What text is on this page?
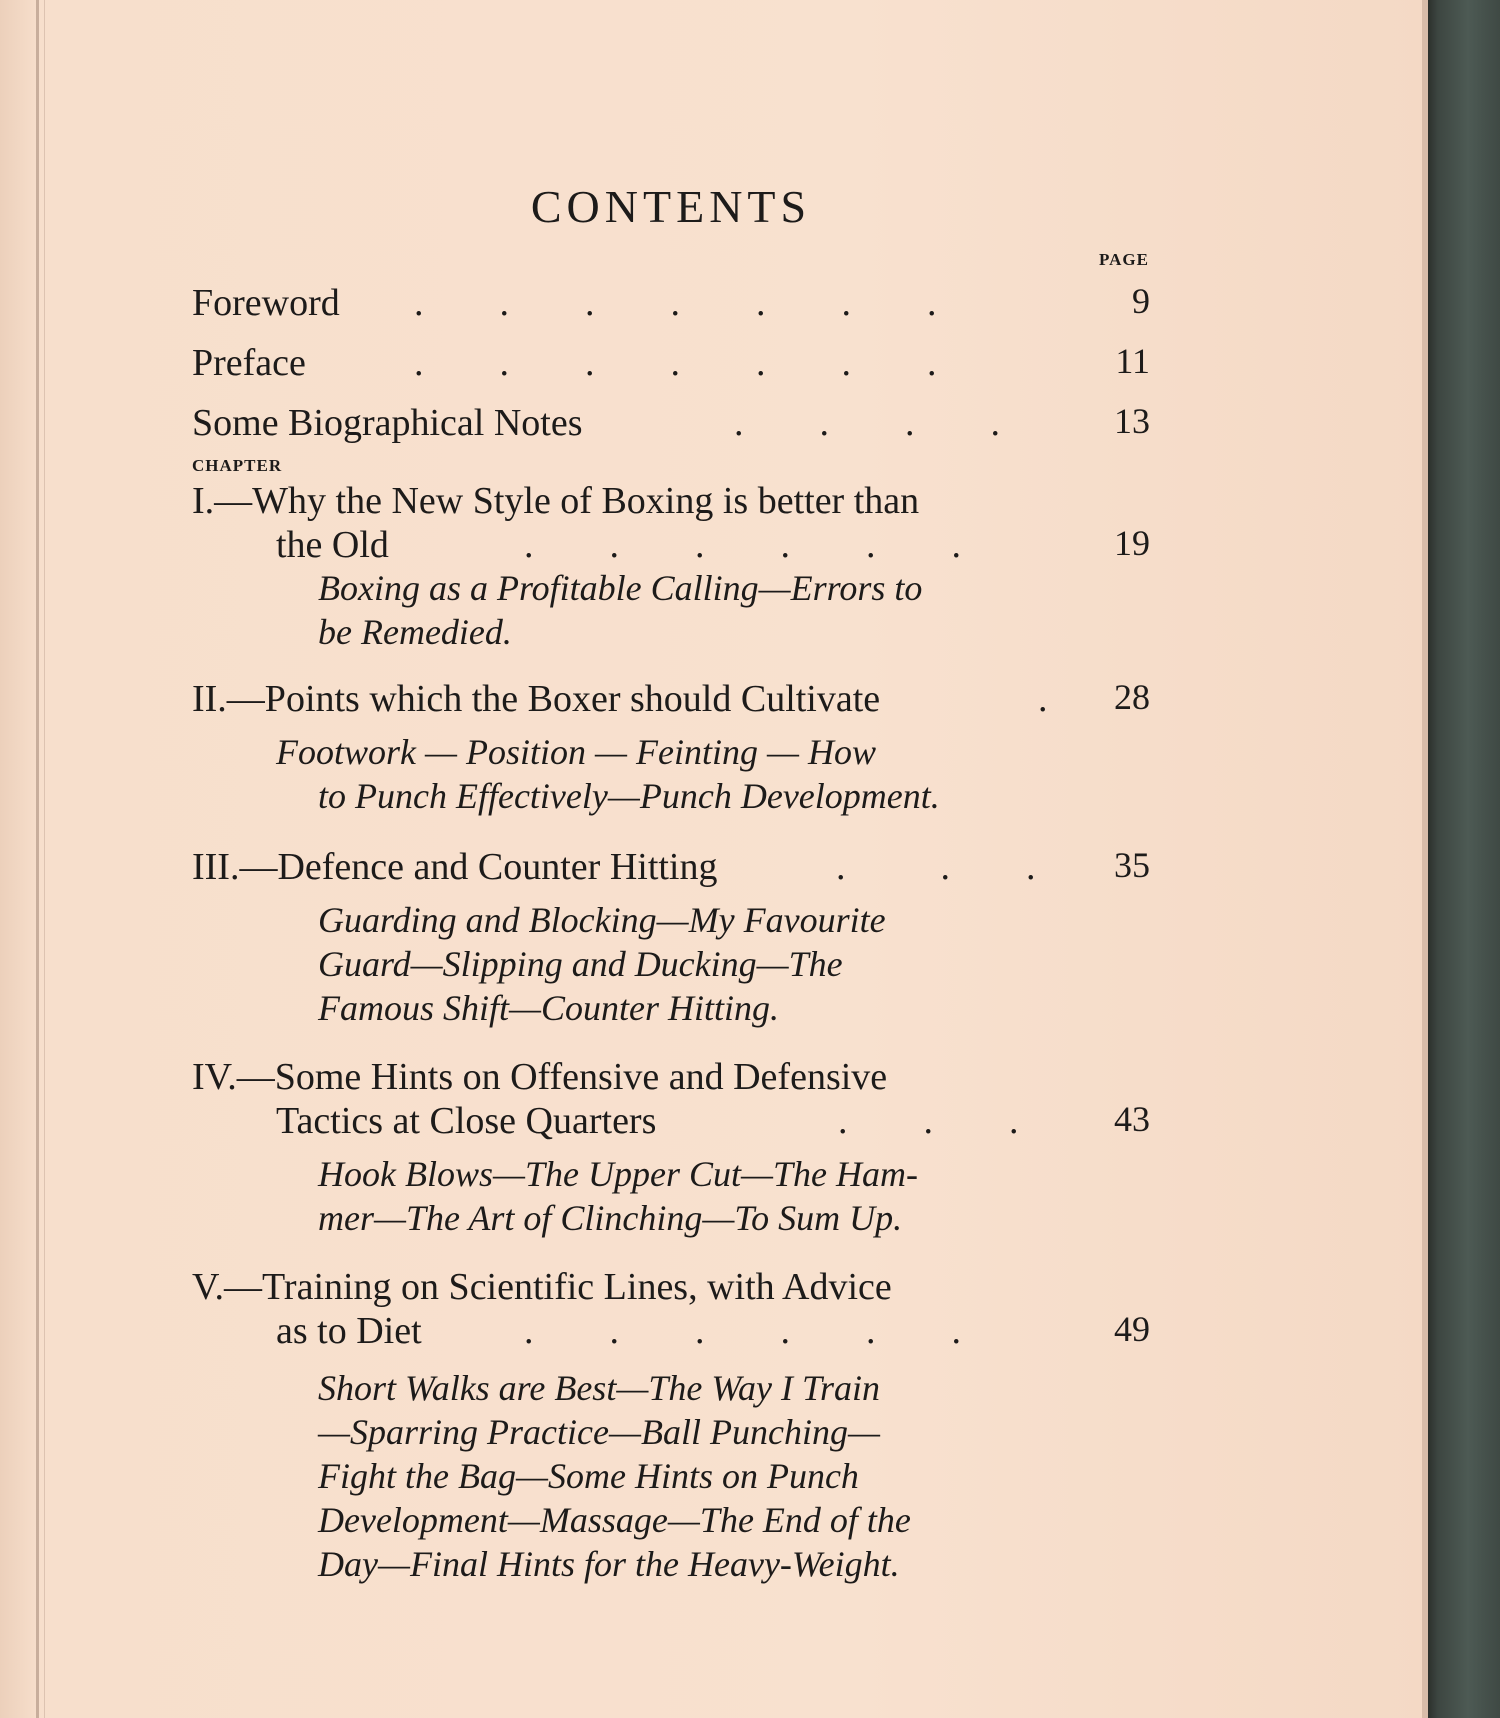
CONTENTS
PAGE
Foreword .        .        .        .        .        .        .	9
Preface	.        .        .        .        .        .        .	11
Some Biographical Notes	.        .        .        .	13
CHAPTER
I.—Why the New Style of Boxing is better than
the Old	.        .        .        .        .        .	19
Boxing as a Profitable Calling—Errors to
be Remedied.
II.—Points which the Boxer should Cultivate	.	28
Footwork — Position — Feinting — How
to Punch Effectively—Punch Development.
III.—Defence and Counter Hitting	.          .        .	35
Guarding and Blocking—My Favourite
Guard—Slipping and Ducking—The
Famous Shift—Counter Hitting.
IV.—Some Hints on Offensive and Defensive
Tactics at Close Quarters	.        .        .	43
Hook Blows—The Upper Cut—The Ham-
mer—The Art of Clinching—To Sum Up.
V.—Training on Scientific Lines, with Advice
as to Diet	.        .        .        .        .        .	49
Short Walks are Best—The Way I Train
—Sparring Practice—Ball Punching—
Fight the Bag—Some Hints on Punch
Development—Massage—The End of the
Day—Final Hints for the Heavy-Weight.
